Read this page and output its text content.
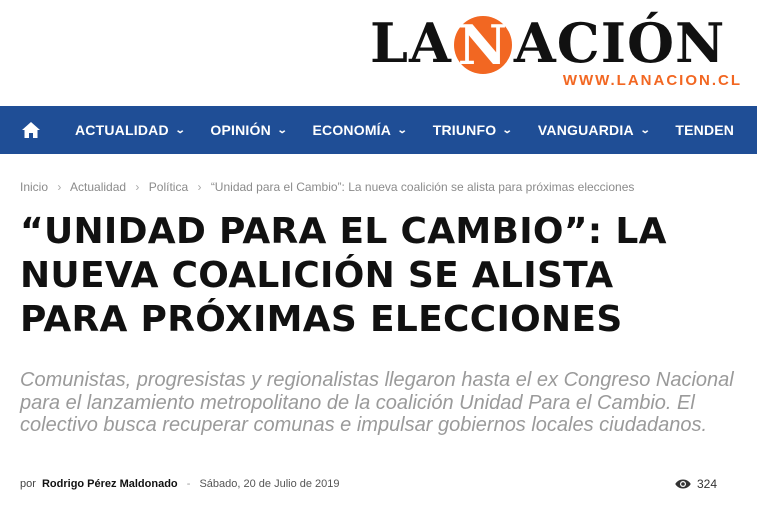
LA N ACIÓN
WWW.LANACION.CL
ACTUALIDAD ⌄ OPINIÓN ⌄ ECONOMÍA ⌄ TRIUNFO ⌄ VANGUARDIA ⌄ TENDEN
Inicio › Actualidad › Política › “Unidad para el Cambio”: La nueva coalición se alista para próximas elecciones
“UNIDAD PARA EL CAMBIO”: LA
NUEVA COALICIÓN SE ALISTA
PARA PRÓXIMAS ELECCIONES

Comunistas, progresistas y regionalistas llegaron hasta el ex Congreso Nacional para el lanzamiento metropolitano de la coalición Unidad Para el Cambio. El colectivo busca recuperar comunas e impulsar gobiernos locales ciudadanos.

por Rodrigo Pérez Maldonado - Sábado, 20 de Julio de 2019	324
